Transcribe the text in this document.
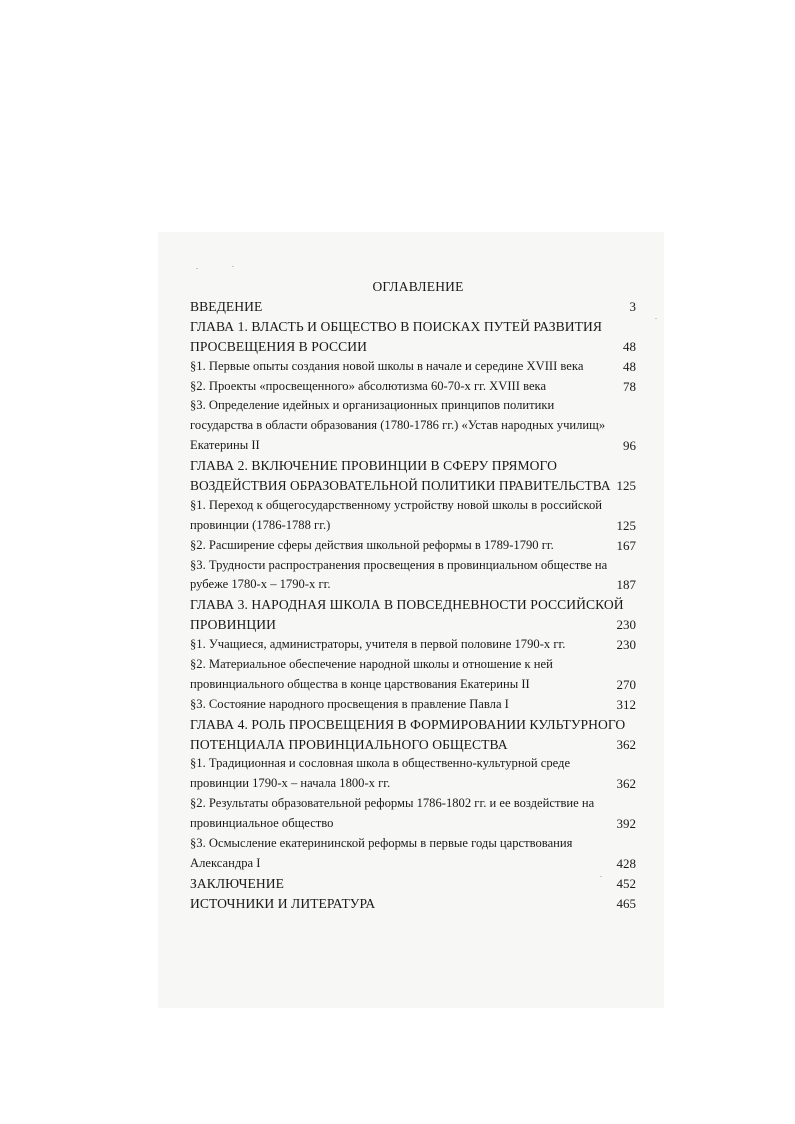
ОГЛАВЛЕНИЕ
ВВЕДЕНИЕ	3
ГЛАВА 1. ВЛАСТЬ И ОБЩЕСТВО В ПОИСКАХ ПУТЕЙ РАЗВИТИЯ
ПРОСВЕЩЕНИЯ В РОССИИ	48
§1. Первые опыты создания новой школы в начале и середине XVIII века	48
§2. Проекты «просвещенного» абсолютизма 60-70-х гг. XVIII века	78
§3. Определение идейных и организационных принципов политики
государства в области образования (1780-1786 гг.) «Устав народных училищ»
Екатерины II	96
ГЛАВА 2. ВКЛЮЧЕНИЕ ПРОВИНЦИИ В СФЕРУ ПРЯМОГО
ВОЗДЕЙСТВИЯ ОБРАЗОВАТЕЛЬНОЙ ПОЛИТИКИ ПРАВИТЕЛЬСТВА 125
§1. Переход к общегосударственному устройству новой школы в российской
провинции (1786-1788 гг.)	125
§2. Расширение сферы действия школьной реформы в 1789-1790 гг.	167
§3. Трудности распространения просвещения в провинциальном обществе на
рубеже 1780-х – 1790-х гг.	187
ГЛАВА 3. НАРОДНАЯ ШКОЛА В ПОВСЕДНЕВНОСТИ РОССИЙСКОЙ
ПРОВИНЦИИ	230
§1. Учащиеся, администраторы, учителя в первой половине 1790-х гг.	230
§2. Материальное обеспечение народной школы и отношение к ней
провинциального общества в конце царствования Екатерины II	270
§3. Состояние народного просвещения в правление Павла I	312
ГЛАВА 4. РОЛЬ ПРОСВЕЩЕНИЯ В ФОРМИРОВАНИИ КУЛЬТУРНОГО
ПОТЕНЦИАЛА ПРОВИНЦИАЛЬНОГО ОБЩЕСТВА	362
§1. Традиционная и сословная школа в общественно-культурной среде
провинции 1790-х – начала 1800-х гг.	362
§2. Результаты образовательной реформы 1786-1802 гг. и ее воздействие на
провинциальное общество	392
§3. Осмысление екатерининской реформы в первые годы царствования
Александра I	428
ЗАКЛЮЧЕНИЕ	452
ИСТОЧНИКИ И ЛИТЕРАТУРА	465
